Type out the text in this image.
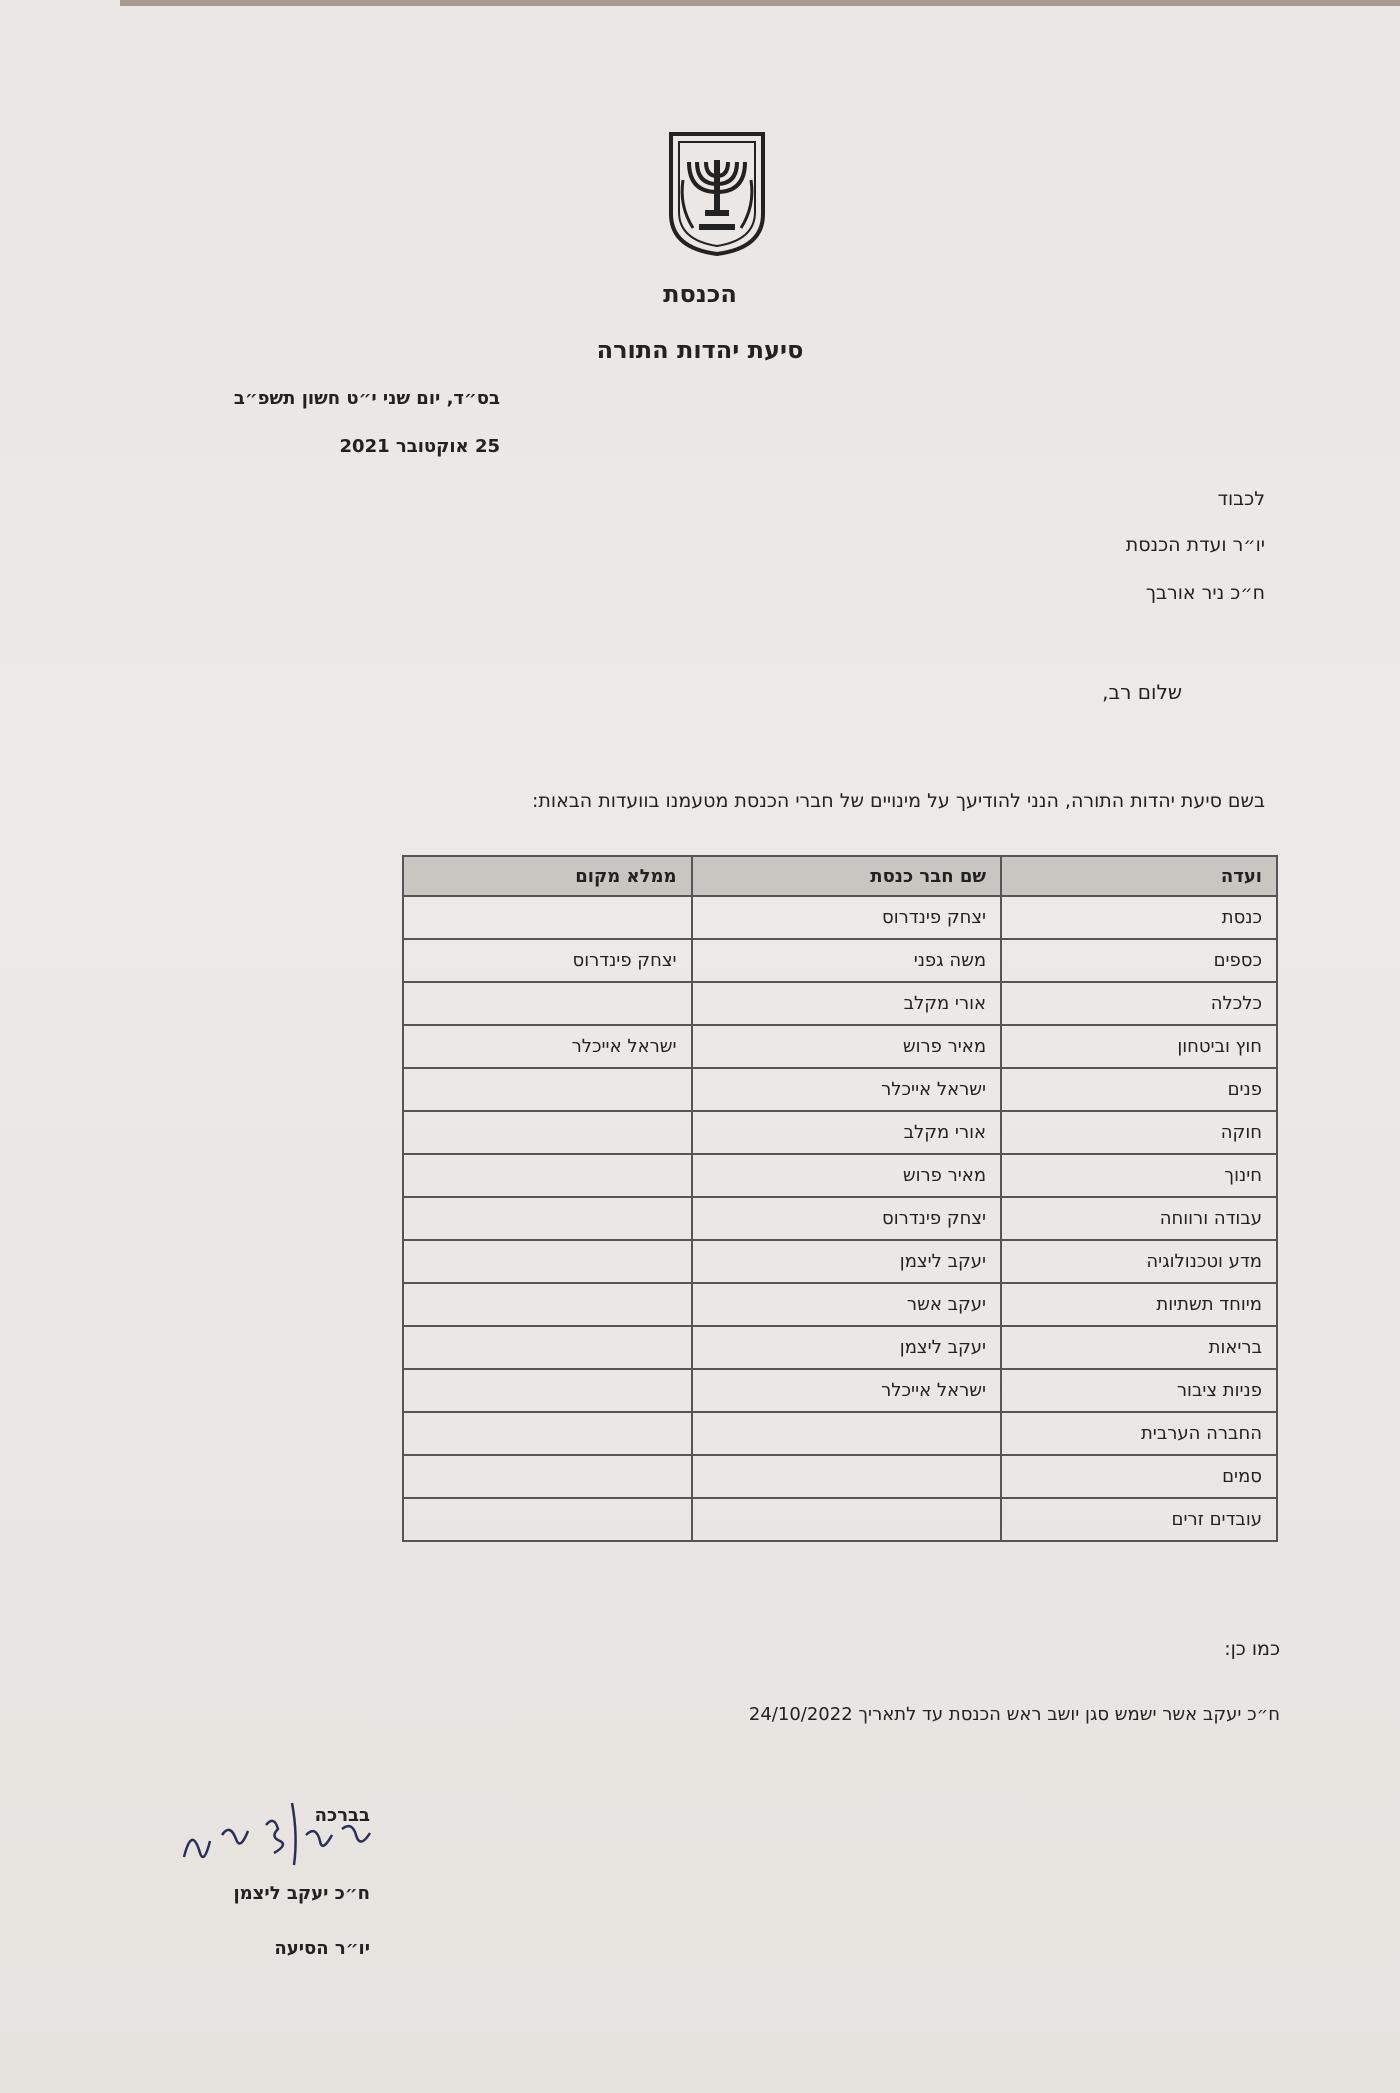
הכנסת
סיעת יהדות התורה
בס״ד, יום שני י״ט חשון תשפ״ב
25 אוקטובר 2021
לכבוד
יו״ר ועדת הכנסת
ח״כ ניר אורבך
שלום רב,
בשם סיעת יהדות התורה, הנני להודיעך על מינויים של חברי הכנסת מטעמנו בוועדות הבאות:
ועדה	שם חבר כנסת	ממלא מקום
כנסת	יצחק פינדרוס	
כספים	משה גפני	יצחק פינדרוס
כלכלה	אורי מקלב	
חוץ וביטחון	מאיר פרוש	ישראל אייכלר
פנים	ישראל אייכלר	
חוקה	אורי מקלב	
חינוך	מאיר פרוש	
עבודה ורווחה	יצחק פינדרוס	
מדע וטכנולוגיה	יעקב ליצמן	
מיוחד תשתיות	יעקב אשר	
בריאות	יעקב ליצמן	
פניות ציבור	ישראל אייכלר	
החברה הערבית		
סמים		
עובדים זרים		
כמו כן:
ח״כ יעקב אשר ישמש סגן יושב ראש הכנסת עד לתאריך 24/10/2022
בברכה
ח״כ יעקב ליצמן
יו״ר הסיעה
